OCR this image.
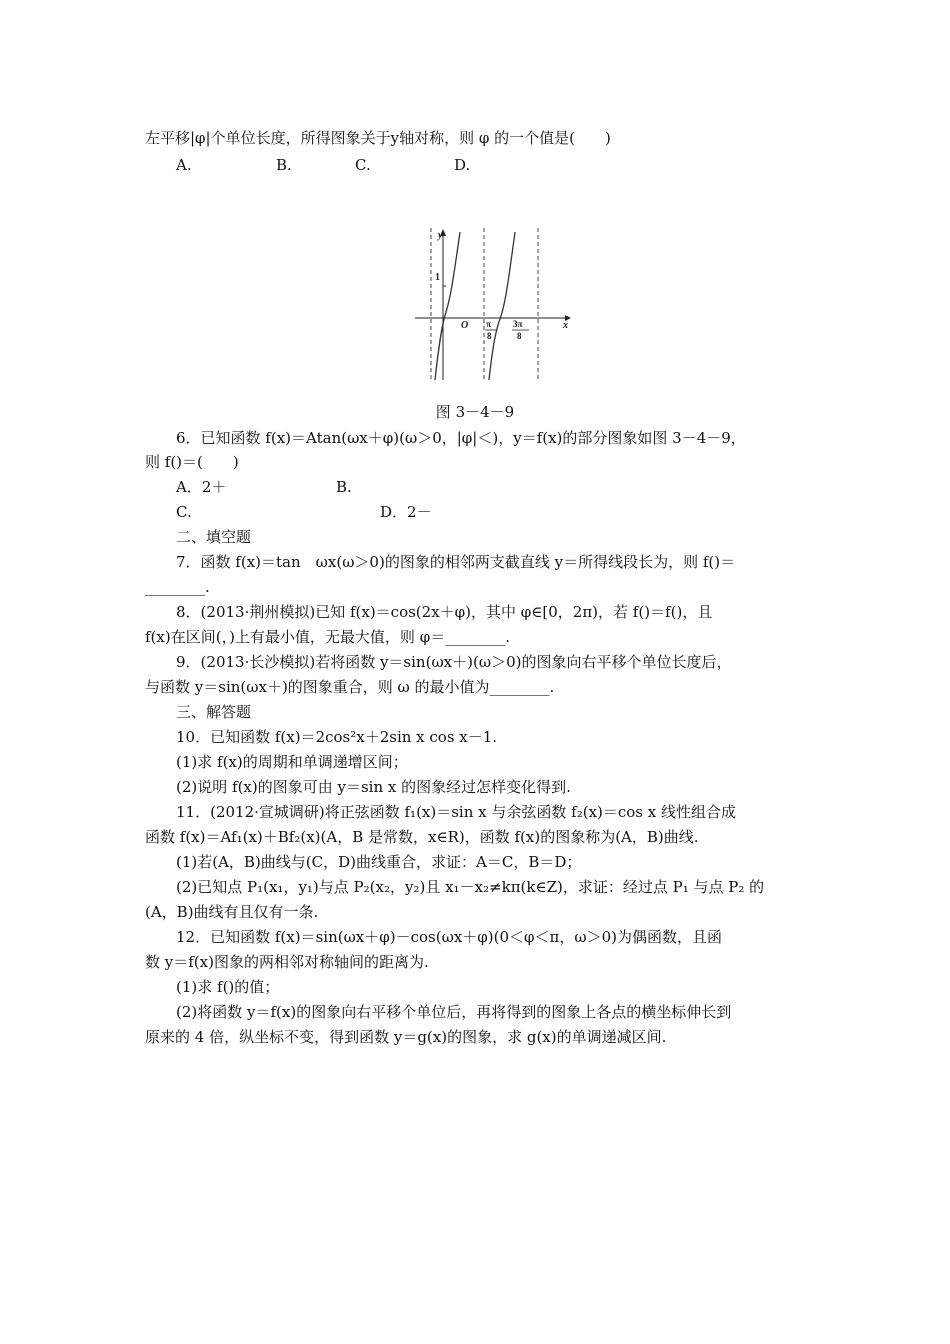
左平移|φ|个单位长度，所得图象关于y轴对称，则 φ 的一个值是(　　)
A.	B.	C.	D.
y
x
O
1
π
8
3π
8
图 3－4－9
6．已知函数 f(x)＝Atan(ωx＋φ)(ω＞0，|φ|＜)，y＝f(x)的部分图象如图 3－4－9，
则 f()＝(　　)
A．2＋	B.
C.	D．2－
二、填空题
7．函数 f(x)＝tan　ωx(ω＞0)的图象的相邻两支截直线 y＝所得线段长为，则 f()＝
________.
8．(2013·荆州模拟)已知 f(x)＝cos(2x＋φ)，其中 φ∈[0，2π)，若 f()＝f()，且
f(x)在区间(，)上有最小值，无最大值，则 φ＝________.
9．(2013·长沙模拟)若将函数 y＝sin(ωx＋)(ω＞0)的图象向右平移个单位长度后，
与函数 y＝sin(ωx＋)的图象重合，则 ω 的最小值为________.
三、解答题
10．已知函数 f(x)＝2cos²x＋2sin x cos x－1.
(1)求 f(x)的周期和单调递增区间；
(2)说明 f(x)的图象可由 y＝sin x 的图象经过怎样变化得到.
11．(2012·宣城调研)将正弦函数 f₁(x)＝sin x 与余弦函数 f₂(x)＝cos x 线性组合成
函数 f(x)＝Af₁(x)＋Bf₂(x)(A，B 是常数，x∈R)，函数 f(x)的图象称为(A，B)曲线.
(1)若(A，B)曲线与(C，D)曲线重合，求证：A＝C，B＝D；
(2)已知点 P₁(x₁，y₁)与点 P₂(x₂，y₂)且 x₁－x₂≠kπ(k∈Z)，求证：经过点 P₁ 与点 P₂ 的
(A，B)曲线有且仅有一条.
12．已知函数 f(x)＝sin(ωx＋φ)－cos(ωx＋φ)(0＜φ＜π，ω＞0)为偶函数，且函
数 y＝f(x)图象的两相邻对称轴间的距离为.
(1)求 f()的值；
(2)将函数 y＝f(x)的图象向右平移个单位后，再将得到的图象上各点的横坐标伸长到
原来的 4 倍，纵坐标不变，得到函数 y＝g(x)的图象，求 g(x)的单调递减区间.
